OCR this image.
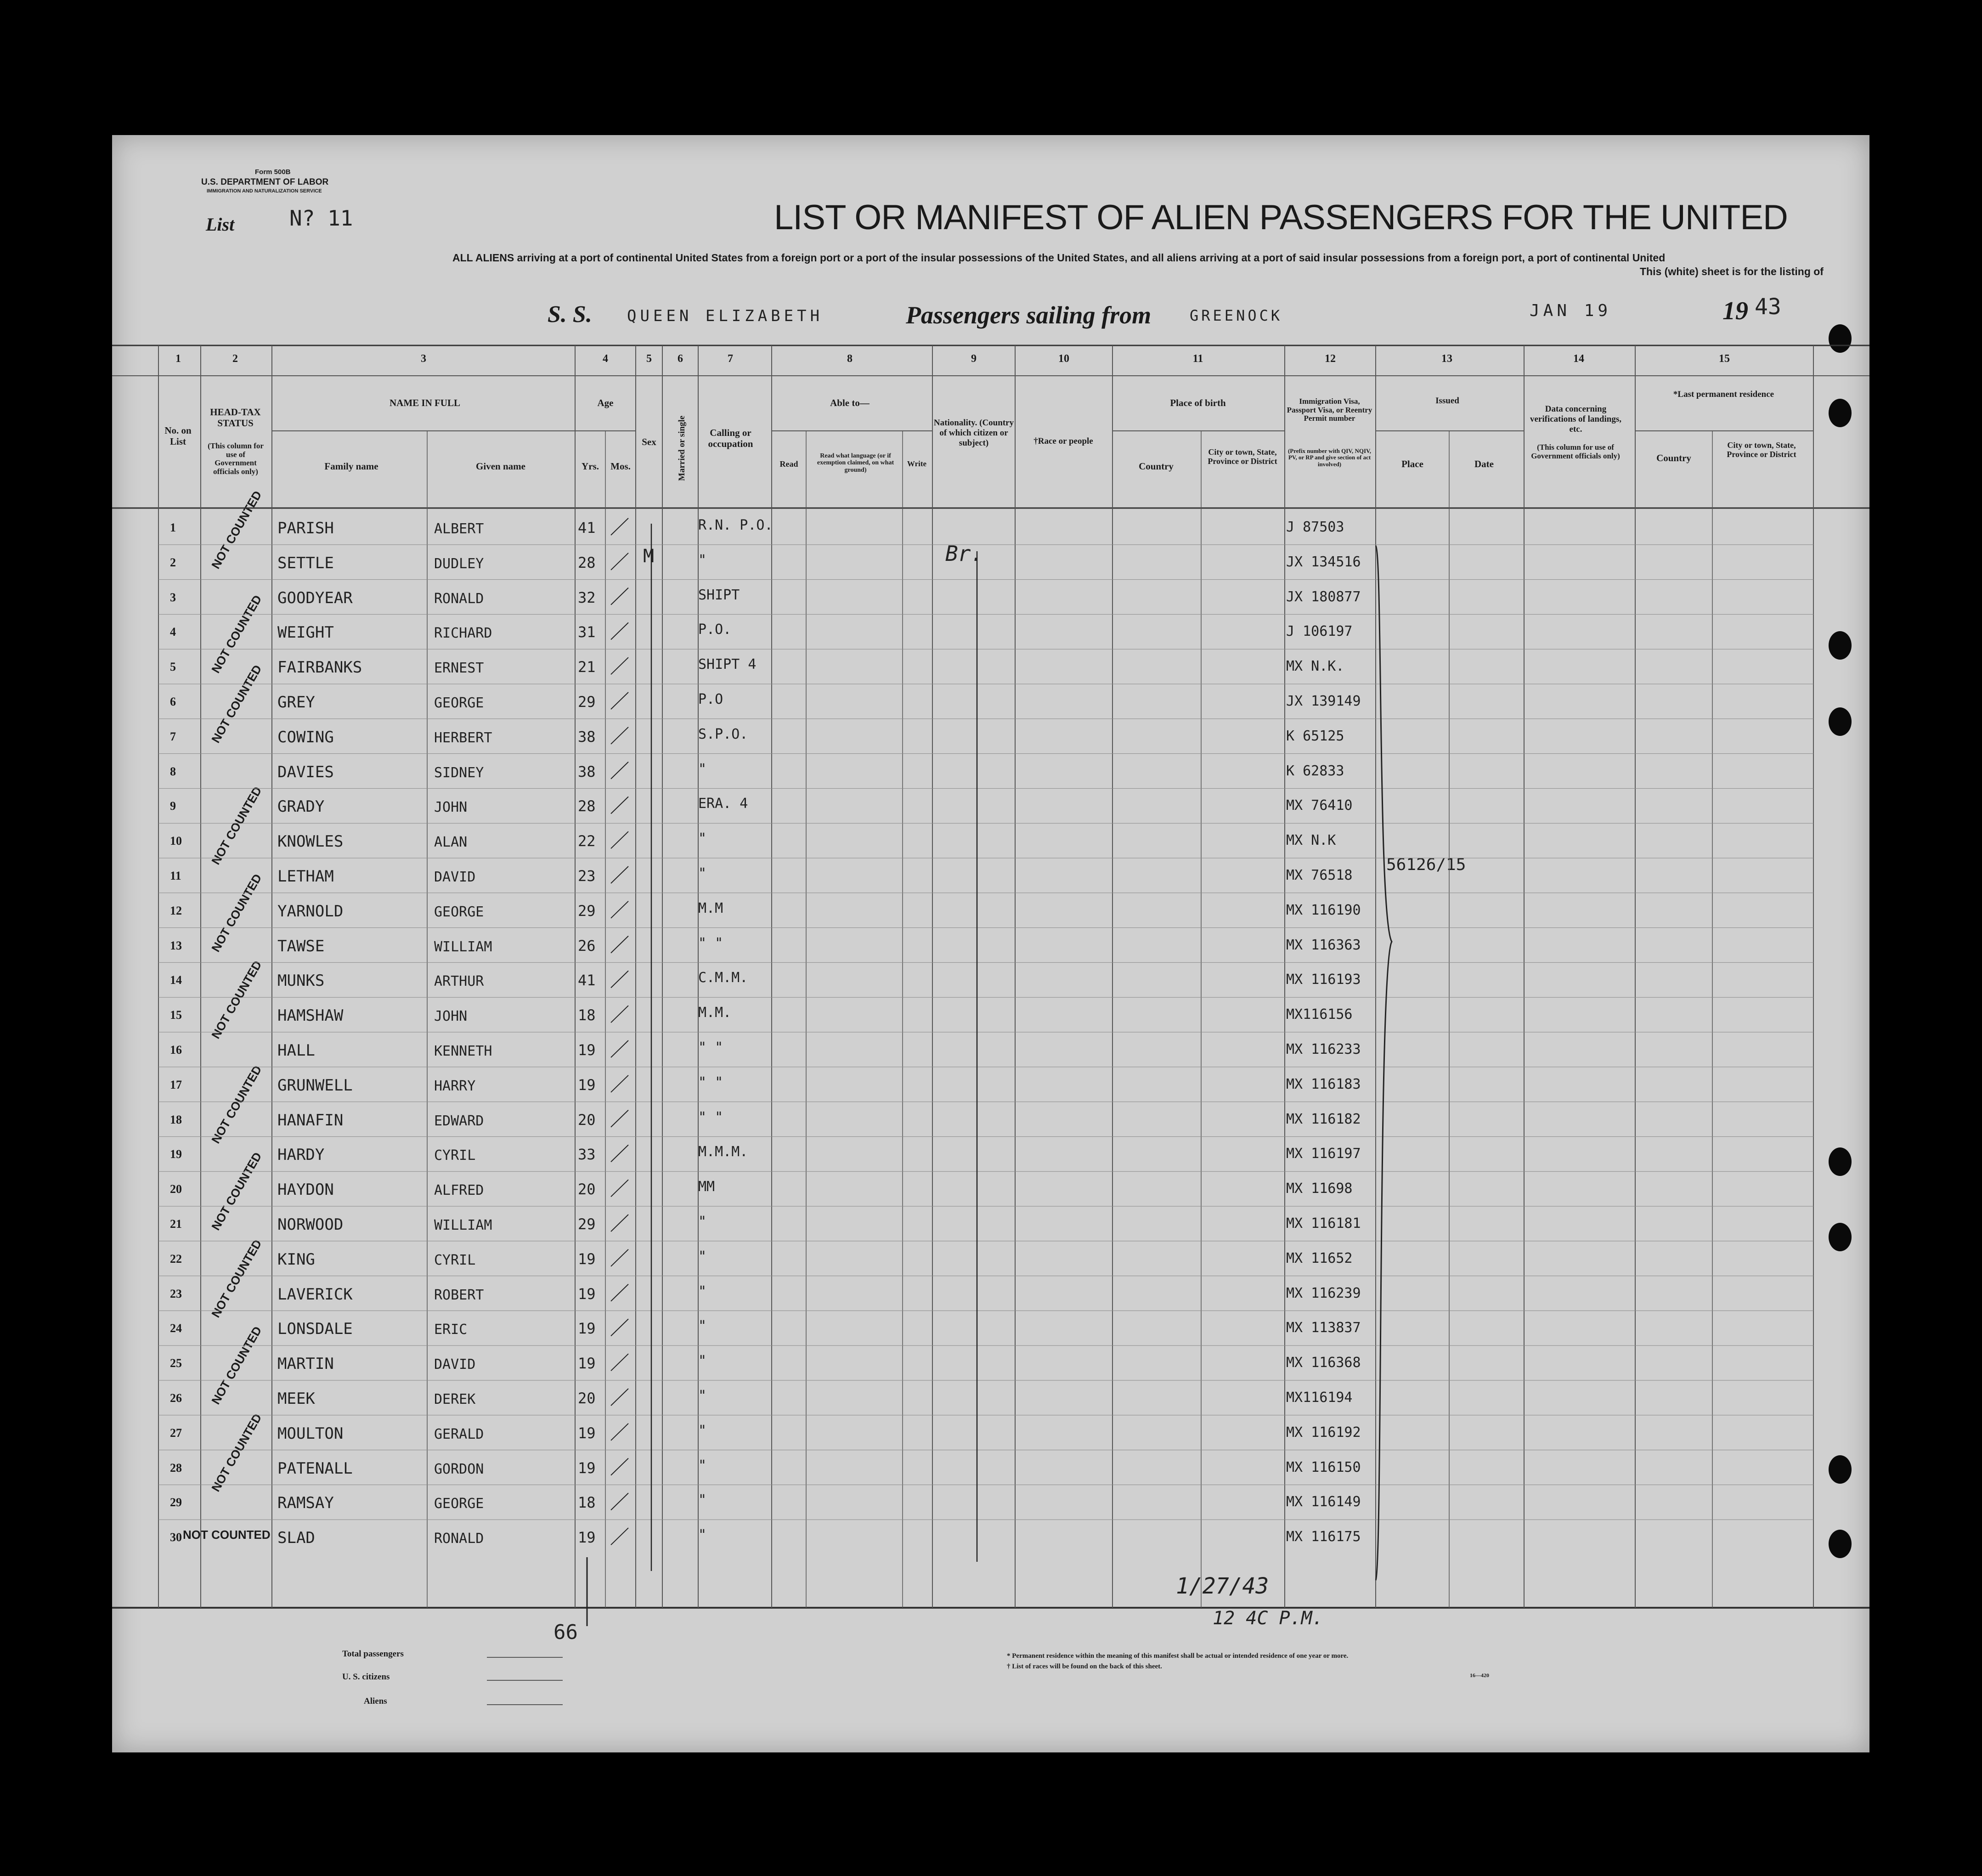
Form 500B
U.S. DEPARTMENT OF LABOR
IMMIGRATION AND NATURALIZATION SERVICE
List	N? 11	LIST OR MANIFEST OF ALIEN PASSENGERS FOR THE UNITED
ALL ALIENS arriving at a port of continental United States from a foreign port or a port of the insular possessions of the United States, and all aliens arriving at a port of said insular possessions from a foreign port, a port of continental United
This (white) sheet is for the listing of
S. S. QUEEN ELIZABETH	Passengers sailing from	GREENOCK	JAN 19	19 43
1	2	3	4	5	6	7	8	9	10	11	12	13	14	15
No. on List
HEAD-TAX STATUS
(This column for use of Government officials only)
NAME IN FULL
Family name	Given name
Age
Yrs.	Mos.
Sex	Married or single	Calling or occupation
Able to—
Read
Read what language (or if exemption claimed, on what ground)
Write
Nationality. (Country of which citizen or subject)	†Race or people
Place of birth
Country
City or town, State, Province or District
Immigration Visa, Passport Visa, or Reentry Permit number
(Prefix number with QIV, NQIV, PV, or RP and give section of act involved)
Issued
Place	Date
Data concerning verifications of landings, etc.
(This column for use of Government officials only)
*Last permanent residence
Country
City or town, State, Province or District
1	PARISH	ALBERT	41	R.N. P.O.	J 87503
2	SETTLE	DUDLEY	28	"	JX 134516
3	GOODYEAR	RONALD	32	SHIPT	JX 180877
4	WEIGHT	RICHARD	31	P.O.	J 106197
5	FAIRBANKS	ERNEST	21	SHIPT 4	MX N.K.
6	GREY	GEORGE	29	P.O	JX 139149
7	COWING	HERBERT	38	S.P.O.	K 65125
8	DAVIES	SIDNEY	38	"	K 62833
9	GRADY	JOHN	28	ERA. 4	MX 76410
10	KNOWLES	ALAN	22	"	MX N.K
11	LETHAM	DAVID	23	"	MX 76518
12	YARNOLD	GEORGE	29	M.M	MX 116190
13	TAWSE	WILLIAM	26	" "	MX 116363
14	MUNKS	ARTHUR	41	C.M.M.	MX 116193
15	HAMSHAW	JOHN	18	M.M.	MX116156
16	HALL	KENNETH	19	" "	MX 116233
17	GRUNWELL	HARRY	19	" "	MX 116183
18	HANAFIN	EDWARD	20	" "	MX 116182
19	HARDY	CYRIL	33	M.M.M.	MX 116197
20	HAYDON	ALFRED	20	MM	MX 11698
21	NORWOOD	WILLIAM	29	"	MX 116181
22	KING	CYRIL	19	"	MX 11652
23	LAVERICK	ROBERT	19	"	MX 116239
24	LONSDALE	ERIC	19	"	MX 113837
25	MARTIN	DAVID	19	"	MX 116368
26	MEEK	DEREK	20	"	MX116194
27	MOULTON	GERALD	19	"	MX 116192
28	PATENALL	GORDON	19	"	MX 116150
29	RAMSAY	GEORGE	18	"	MX 116149
30	SLAD	RONALD	19	"	MX 116175
NOT COUNTED
NOT COUNTED
NOT COUNTED
NOT COUNTED
NOT COUNTED
NOT COUNTED
NOT COUNTED
NOT COUNTED
NOT COUNTED
NOT COUNTED
NOT COUNTED
NOT COUNTED
M	Br.
56126/15
66
1/27/43
12 4C P.M.
Total passengers
U. S. citizens
Aliens
* Permanent residence within the meaning of this manifest shall be actual or intended residence of one year or more.
† List of races will be found on the back of this sheet.
16—420
